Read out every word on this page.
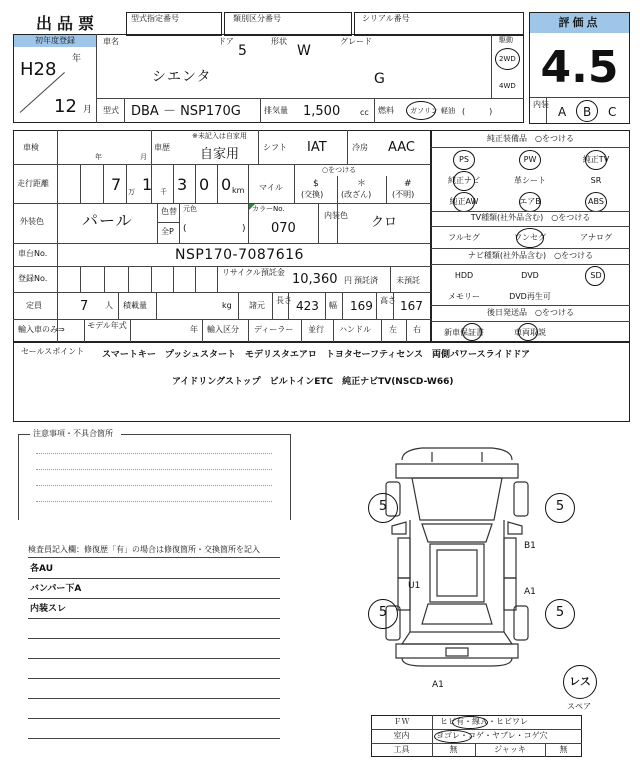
出品票	型式指定番号	類別区分番号	シリアル番号	評価点
4.5
内装
A B C
初年度登録
H28 年
12 月
車名
シエンタ
ドア
5
形状
W
グレード
G
駆動
2WD
4WD
型式 DBA － NSP170G	排気量 1,500 cc 燃料 ガソリン 軽油 (　　　)
車検
年	月
※未記入は自家用
車歴 自家用	シフト IAT	冷房 AAC
走行距離	7 万 1 千 3 0 0 km マイル
○をつける
$
(交換)
＊
(改ざん)
#
(不明)
外装色 パール	色替
全P
元色
(	)
カラーNo.
070
内装色 クロ
車台No.	NSP170-7087616
登録No.
リサイクル預託金 10,360 円 預託済 未預託
定員	7 人 積載量	kg 諸元
長さ 423 幅 169 高さ 167
輸入車のみ⇒	モデル年式	年 輸入区分 ディーラー 並行 ハンドル 左 右
純正装備品　○をつける
PS	PW	純正TV
純正ナビ	革シート	SR
純正AW	エアB	ABS
TV種類(社外品含む)　○をつける
フルセグ	ワンセグ	アナログ
ナビ種類(社外品含む)　○をつける
HDD	DVD	SD
メモリー	DVD再生可
後日発送品　○をつける
新車保証書	車両取説
セールスポイント スマートキー　プッシュスタート　モデリスタエアロ　トヨタセーフティセンス　両側パワースライドドア
アイドリングストップ　ビルトインETC　純正ナビTV(NSCD-W66)
注意事項・不具合箇所
検査員記入欄：修復歴「有」の場合は修復箇所・交換箇所を記入
各AU
バンパー下A
内装スレ
5	5
5	5
B1
U1
A1
A1	レス
スペア
ＦＷ	ヒビ有・線Ａ・ヒビワレ
室内	ヨゴレ・コゲ・ヤブレ・コゲ穴
工具	無	ジャッキ	無
